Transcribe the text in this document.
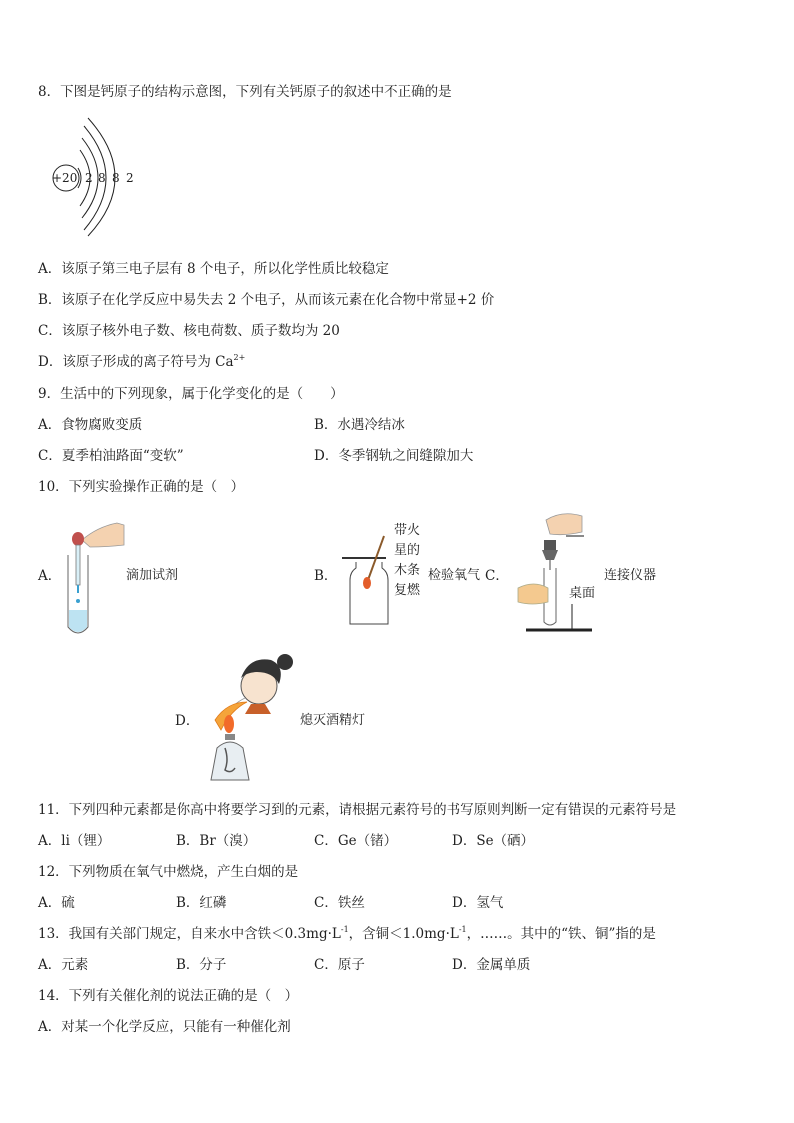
8．下图是钙原子的结构示意图，下列有关钙原子的叙述中不正确的是
+20 2 8 8 2
A．该原子第三电子层有 8 个电子，所以化学性质比较稳定
B．该原子在化学反应中易失去 2 个电子，从而该元素在化合物中常显+2 价
C．该原子核外电子数、核电荷数、质子数均为 20
D．该原子形成的离子符号为 $Ca^{2+}$
9．生活中的下列现象，属于化学变化的是（　　）
A．食物腐败变质	B．水遇冷结冰
C．夏季柏油路面“变软”	D．冬季钢轨之间缝隙加大
10．下列实验操作正确的是（　）
A．	滴加试剂	B．
带火
星的
木条
复燃
检验氧气 C．	连接仪器
桌面
D．	熄灭酒精灯
11．下列四种元素都是你高中将要学习到的元素，请根据元素符号的书写原则判断一定有错误的元素符号是
A．li（锂）	B．Br（溴）	C．Ge（锗）	D．Se（硒）
12．下列物质在氧气中燃烧，产生白烟的是
A．硫	B．红磷	C．铁丝	D．氢气
13．我国有关部门规定，自来水中含铁$<0.3mg\cdot L^{-1}$，含铜$<1.0mg\cdot L^{-1}$，……。其中的“铁、铜”指的是
A．元素	B．分子	C．原子	D．金属单质
14．下列有关催化剂的说法正确的是（　）
A．对某一个化学反应，只能有一种催化剂
